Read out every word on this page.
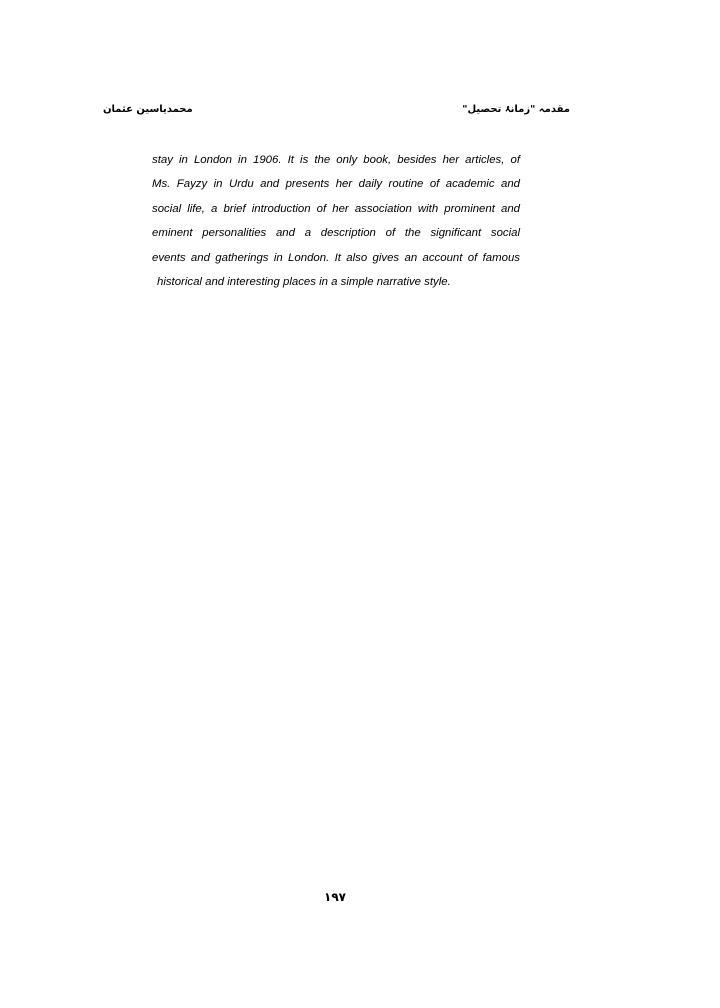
محمدیاسین عثمان	مقدمہ "زمانۂ تحصیل"
stay in London in 1906. It is the only book, besides her articles, of
Ms. Fayzy in Urdu and presents her daily routine of academic and
social life, a brief introduction of her association with prominent and
eminent personalities and a description of the significant social
events and gatherings in London. It also gives an account of famous
historical and interesting places in a simple narrative style.
۱۹۷
